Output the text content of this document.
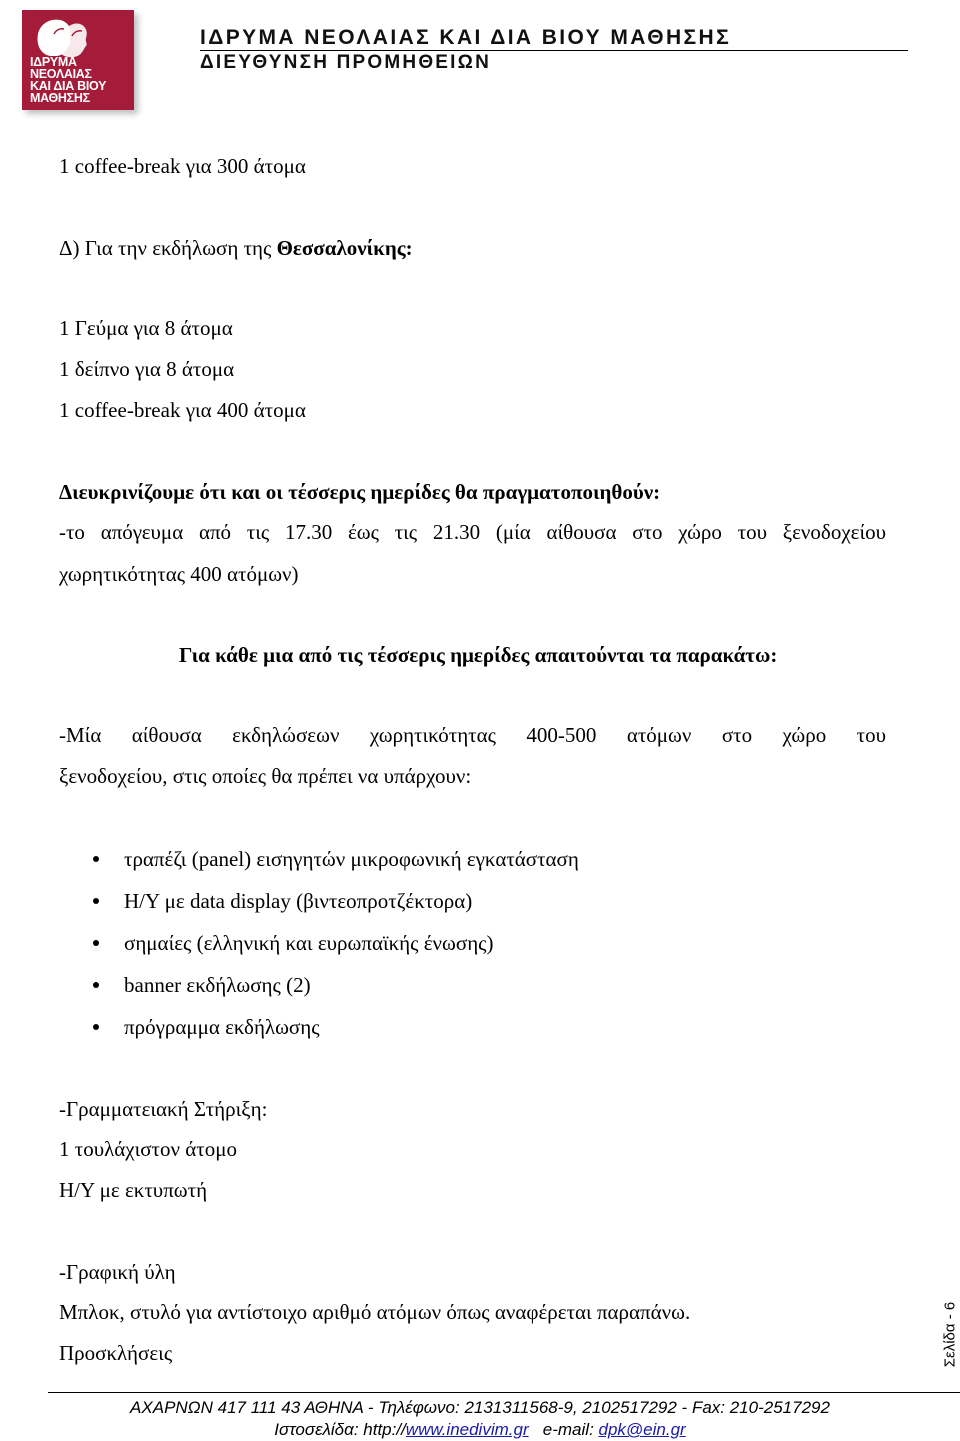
ΙΔΡΥΜΑ
ΝΕΟΛΑΙΑΣ
ΚΑΙ ΔΙΑ ΒΙΟΥ
ΜΑΘΗΣΗΣ
ΙΔΡΥΜΑ ΝΕΟΛΑΙΑΣ ΚΑΙ ΔΙΑ ΒΙΟΥ ΜΑΘΗΣΗΣ
ΔΙΕΥΘΥΝΣΗ ΠΡΟΜΗΘΕΙΩΝ
1 coffee-break για 300 άτομα
Δ) Για την εκδήλωση της Θεσσαλονίκης:
1 Γεύμα για 8 άτομα
1 δείπνο για 8 άτομα
1 coffee-break για 400 άτομα
Διευκρινίζουμε ότι και οι τέσσερις ημερίδες θα πραγματοποιηθούν:
-το απόγευμα από τις 17.30 έως τις 21.30 (μία αίθουσα στο χώρο του ξενοδοχείου
χωρητικότητας 400 ατόμων)
Για κάθε μια από τις τέσσερις ημερίδες απαιτούνται τα παρακάτω:
-Μία αίθουσα εκδηλώσεων χωρητικότητας 400-500 ατόμων στο χώρο του
ξενοδοχείου, στις οποίες θα πρέπει να υπάρχουν:
τραπέζι (panel) εισηγητών μικροφωνική εγκατάσταση
Η/Υ με data display (βιντεοπροτζέκτορα)
σημαίες (ελληνική και ευρωπαϊκής ένωσης)
banner εκδήλωσης (2)
πρόγραμμα εκδήλωσης
-Γραμματειακή Στήριξη:
1 τουλάχιστον άτομο
Η/Υ με εκτυπωτή
-Γραφική ύλη
Μπλοκ, στυλό για αντίστοιχο αριθμό ατόμων όπως αναφέρεται παραπάνω.
Προσκλήσεις	Σελίδα - 6
ΑΧΑΡΝΩΝ 417 111 43 ΑΘΗΝΑ - Τηλέφωνο: 2131311568-9, 2102517292 - Fax: 210-2517292
Ιστοσελίδα: http://www.inedivim.gr e-mail: dpk@ein.gr
